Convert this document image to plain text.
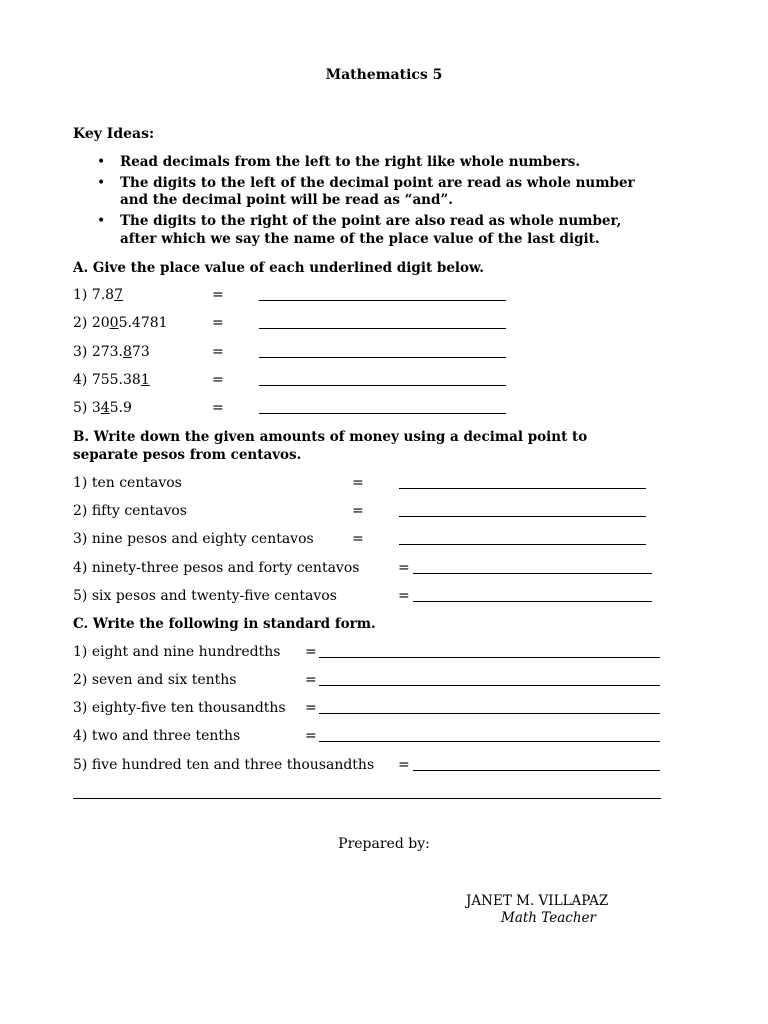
Mathematics 5
Key Ideas:
• Read decimals from the left to the right like whole numbers.
• The digits to the left of the decimal point are read as whole number
and the decimal point will be read as “and”.
• The digits to the right of the point are also read as whole number,
after which we say the name of the place value of the last digit.
A. Give the place value of each underlined digit below.
1) 7.87	=
2) 2005.4781	=
3) 273.873	=
4) 755.381	=
5) 345.9	=
B. Write down the given amounts of money using a decimal point to
separate pesos from centavos.
1) ten centavos	=
2) fifty centavos	=
3) nine pesos and eighty centavos	=
4) ninety-three pesos and forty centavos	=
5) six pesos and twenty-five centavos	=
C. Write the following in standard form.
1) eight and nine hundredths =
2) seven and six tenths	=
3) eighty-five ten thousandths =
4) two and three tenths	=
5) five hundred ten and three thousandths =
Prepared by:
JANET M. VILLAPAZ
Math Teacher
